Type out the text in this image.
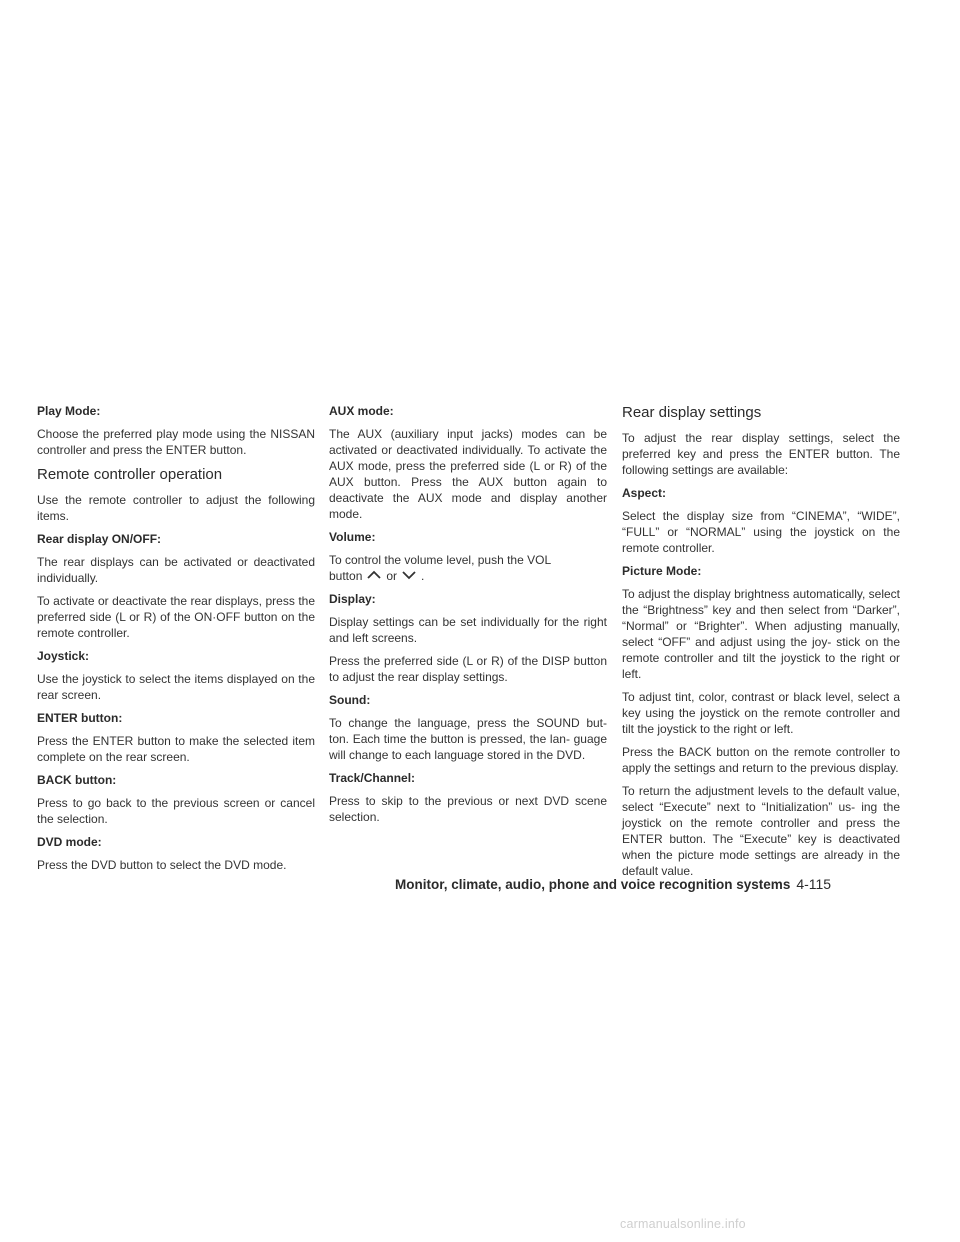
Play Mode:
Choose the preferred play mode using the NISSAN controller and press the ENTER button.
Remote controller operation
Use the remote controller to adjust the following items.
Rear display ON/OFF:
The rear displays can be activated or deactivated individually.
To activate or deactivate the rear displays, press the preferred side (L or R) of the ON·OFF button on the remote controller.
Joystick:
Use the joystick to select the items displayed on the rear screen.
ENTER button:
Press the ENTER button to make the selected item complete on the rear screen.
BACK button:
Press to go back to the previous screen or cancel the selection.
DVD mode:
Press the DVD button to select the DVD mode.
AUX mode:
The AUX (auxiliary input jacks) modes can be activated or deactivated individually. To activate the AUX mode, press the preferred side (L or R) of the AUX button. Press the AUX button again to deactivate the AUX mode and display another mode.
Volume:
To control the volume level, push the VOL
button or .
Display:
Display settings can be set individually for the right and left screens.
Press the preferred side (L or R) of the DISP button to adjust the rear display settings.
Sound:
To change the language, press the SOUND but- ton. Each time the button is pressed, the lan- guage will change to each language stored in the DVD.
Track/Channel:
Press to skip to the previous or next DVD scene selection.
Rear display settings
To adjust the rear display settings, select the preferred key and press the ENTER button. The following settings are available:
Aspect:
Select the display size from “CINEMA”, “WIDE”, “FULL” or “NORMAL” using the joystick on the remote controller.
Picture Mode:
To adjust the display brightness automatically, select the “Brightness” key and then select from “Darker”, “Normal” or “Brighter”. When adjusting manually, select “OFF” and adjust using the joy- stick on the remote controller and tilt the joystick to the right or left.
To adjust tint, color, contrast or black level, select a key using the joystick on the remote controller and tilt the joystick to the right or left.
Press the BACK button on the remote controller to apply the settings and return to the previous display.
To return the adjustment levels to the default value, select “Execute” next to “Initialization” us- ing the joystick on the remote controller and press the ENTER button. The “Execute” key is deactivated when the picture mode settings are already in the default value.
Monitor, climate, audio, phone and voice recognition systems 4-115
carmanualsonline.info
